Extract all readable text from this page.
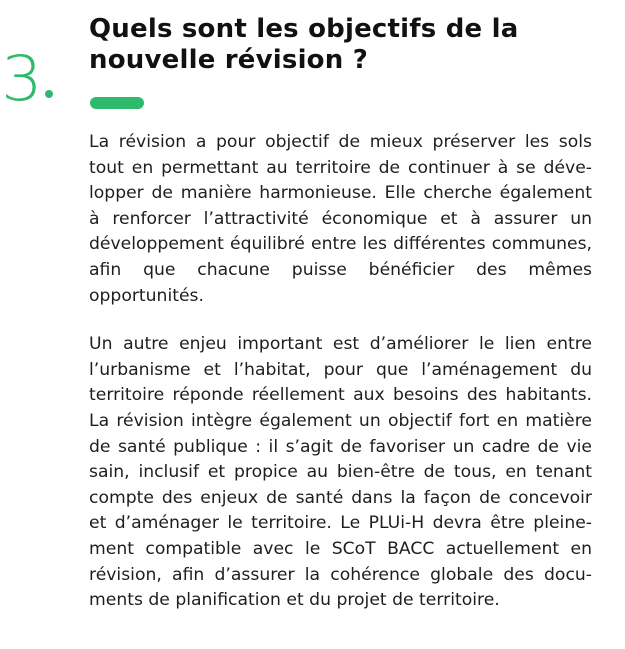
3
Quels sont les objectifs de la nouvelle révision ?

La révision a pour objectif de mieux préserver les sols tout en permettant au territoire de continuer à se développer de manière harmonieuse. Elle cherche également à renforcer l’attractivité économique et à assurer un développement équilibré entre les différentes communes, afin que chacune puisse bénéficier des mêmes opportunités.

Un autre enjeu important est d’améliorer le lien entre l’urbanisme et l’habitat, pour que l’aménagement du territoire réponde réellement aux besoins des habitants. La révision intègre également un objectif fort en matière de santé publique : il s’agit de favoriser un cadre de vie sain, inclusif et propice au bien-être de tous, en tenant compte des enjeux de santé dans la façon de concevoir et d’aménager le territoire. Le PLUi-H devra être pleinement compatible avec le SCoT BACC actuellement en révision, afin d’assurer la cohérence globale des documents de planification et du projet de territoire.
